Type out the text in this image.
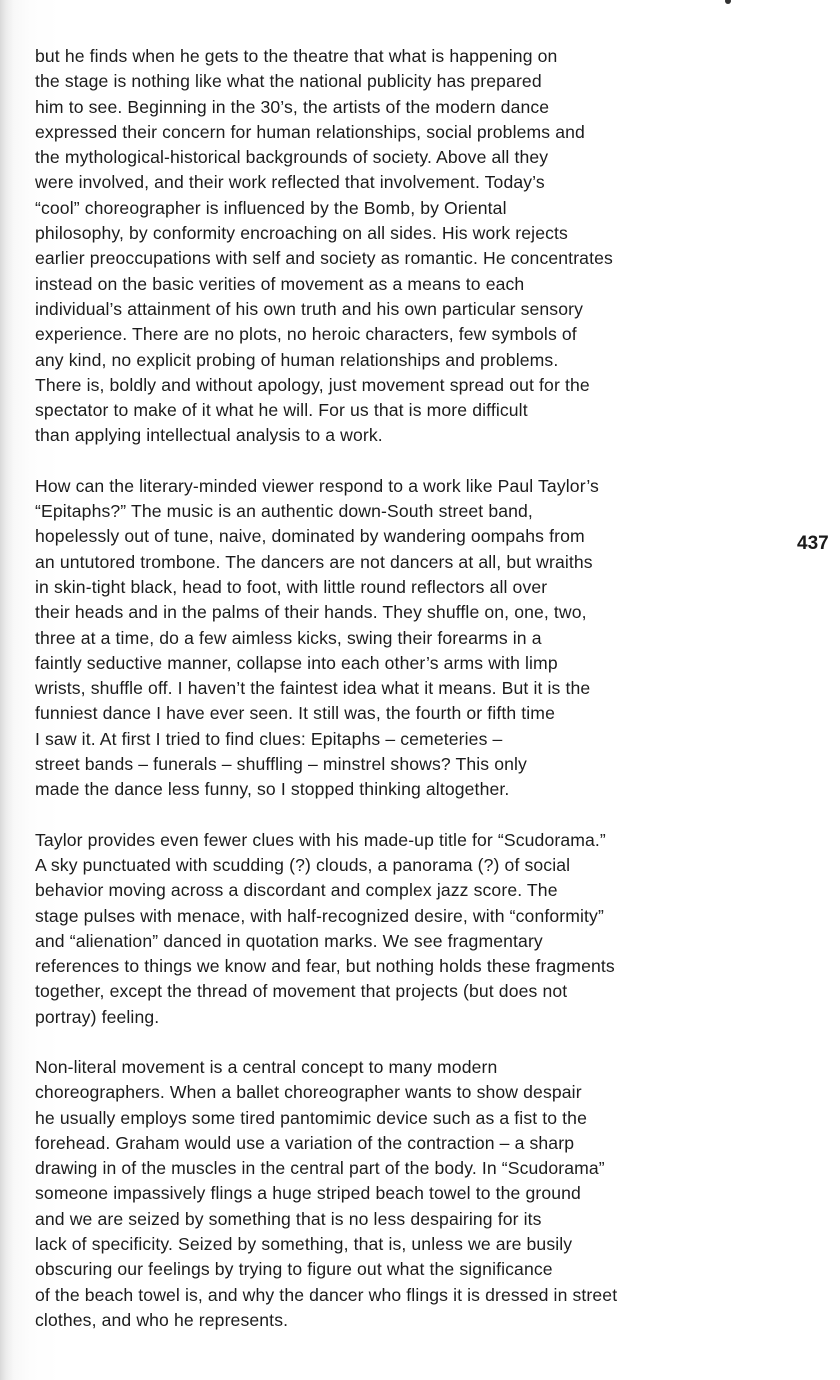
but he finds when he gets to the theatre that what is happening on
the stage is nothing like what the national publicity has prepared
him to see. Beginning in the 30’s, the artists of the modern dance
expressed their concern for human relationships, social problems and
the mythological-historical backgrounds of society. Above all they
were involved, and their work reflected that involvement. Today’s
“cool” choreographer is influenced by the Bomb, by Oriental
philosophy, by conformity encroaching on all sides. His work rejects
earlier preoccupations with self and society as romantic. He concentrates
instead on the basic verities of movement as a means to each
individual’s attainment of his own truth and his own particular sensory
experience. There are no plots, no heroic characters, few symbols of
any kind, no explicit probing of human relationships and problems.
There is, boldly and without apology, just movement spread out for the
spectator to make of it what he will. For us that is more difficult
than applying intellectual analysis to a work.

How can the literary-minded viewer respond to a work like Paul Taylor’s
“Epitaphs?” The music is an authentic down-South street band,
hopelessly out of tune, naive, dominated by wandering oompahs from
an untutored trombone. The dancers are not dancers at all, but wraiths
in skin-tight black, head to foot, with little round reflectors all over
their heads and in the palms of their hands. They shuffle on, one, two,
three at a time, do a few aimless kicks, swing their forearms in a
faintly seductive manner, collapse into each other’s arms with limp
wrists, shuffle off. I haven’t the faintest idea what it means. But it is the
funniest dance I have ever seen. It still was, the fourth or fifth time
I saw it. At first I tried to find clues: Epitaphs – cemeteries –
street bands – funerals – shuffling – minstrel shows? This only
made the dance less funny, so I stopped thinking altogether.

Taylor provides even fewer clues with his made-up title for “Scudorama.”
A sky punctuated with scudding (?) clouds, a panorama (?) of social
behavior moving across a discordant and complex jazz score. The
stage pulses with menace, with half-recognized desire, with “conformity”
and “alienation” danced in quotation marks. We see fragmentary
references to things we know and fear, but nothing holds these fragments
together, except the thread of movement that projects (but does not
portray) feeling.

Non-literal movement is a central concept to many modern
choreographers. When a ballet choreographer wants to show despair
he usually employs some tired pantomimic device such as a fist to the
forehead. Graham would use a variation of the contraction – a sharp
drawing in of the muscles in the central part of the body. In “Scudorama”
someone impassively flings a huge striped beach towel to the ground
and we are seized by something that is no less despairing for its
lack of specificity. Seized by something, that is, unless we are busily
obscuring our feelings by trying to figure out what the significance
of the beach towel is, and why the dancer who flings it is dressed in street
clothes, and who he represents.

437
